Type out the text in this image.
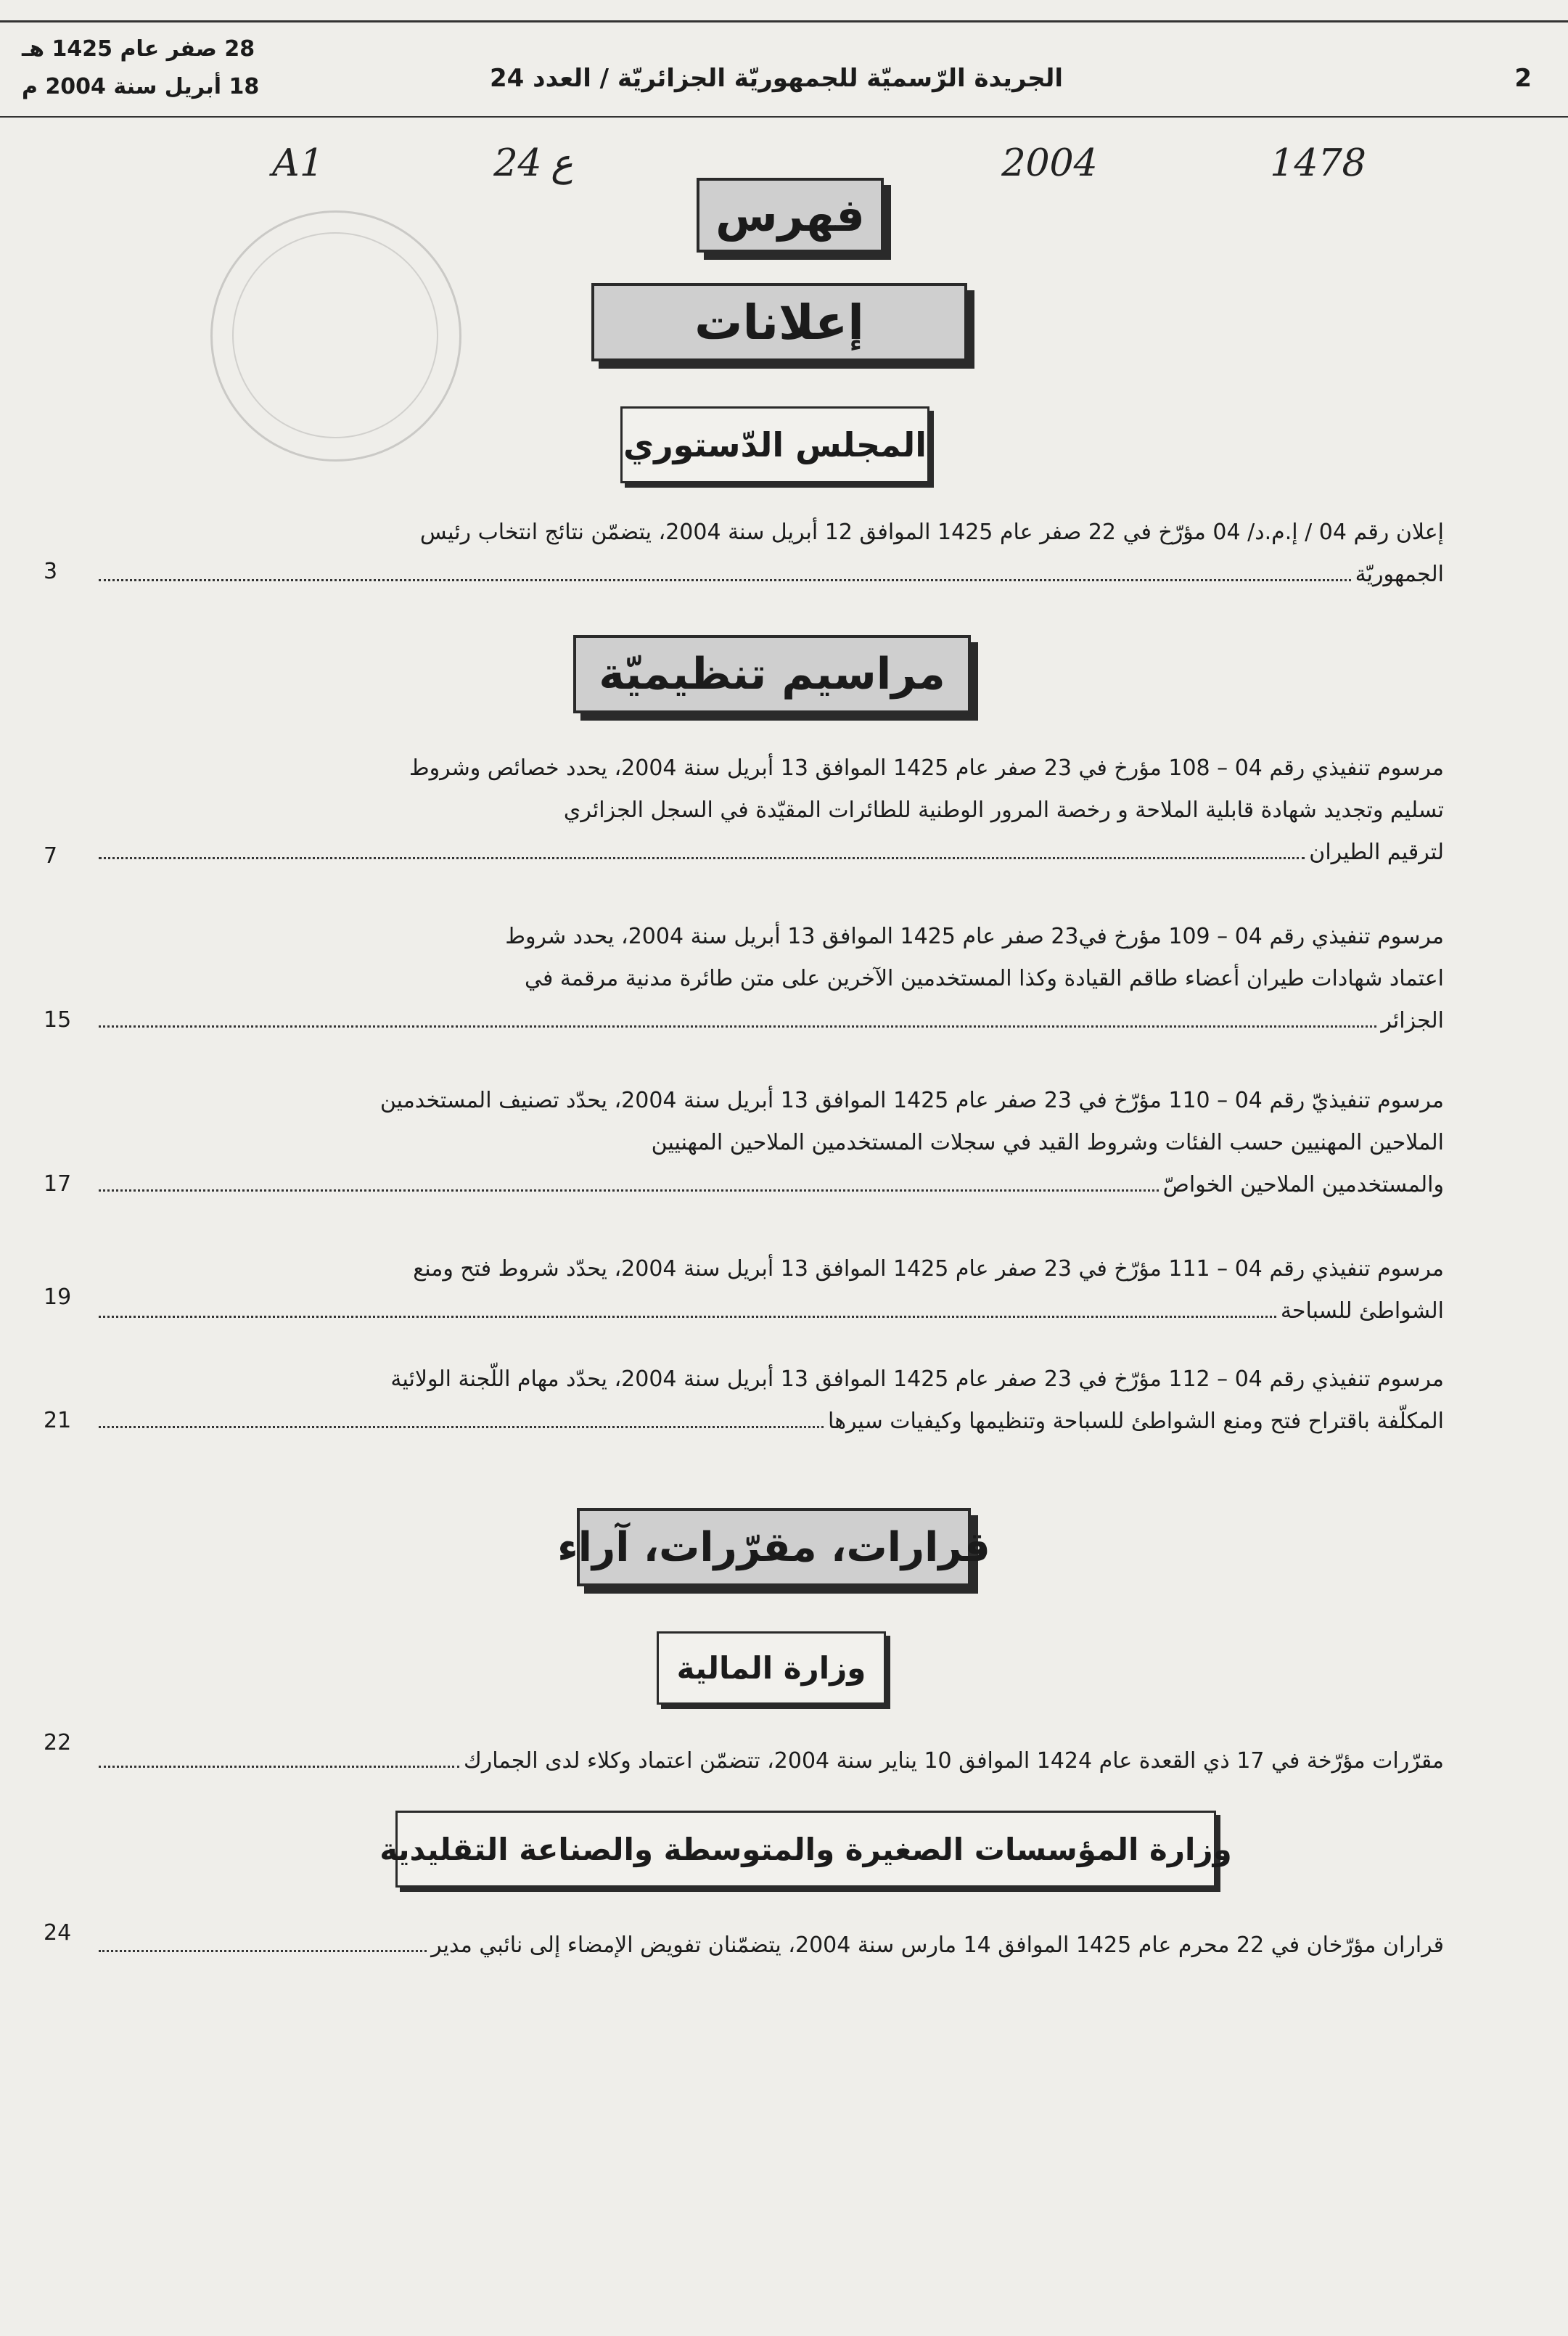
2
الجريدة الرّسميّة للجمهوريّة الجزائريّة / العدد 24
28 صفر عام 1425 هـ
18 أبريل سنة 2004 م
A1	24 ع	2004	1478
فهرس
إعلانات
المجلس الدّستوري
إعلان رقم 04 / إ.م.د/ 04 مؤرّخ في 22 صفر عام 1425 الموافق 12 أبريل سنة 2004، يتضمّن نتائج انتخاب رئيس
الجمهوريّة
3
مراسيم تنظيميّة
مرسوم تنفيذي رقم 04 – 108 مؤرخ في 23 صفر عام 1425 الموافق 13 أبريل سنة 2004، يحدد خصائص وشروط
تسليم وتجديد شهادة قابلية الملاحة و رخصة المرور الوطنية للطائرات المقيّدة في السجل الجزائري
لترقيم الطيران
7
مرسوم تنفيذي رقم 04 – 109 مؤرخ في23 صفر عام 1425 الموافق 13 أبريل سنة 2004، يحدد شروط
اعتماد شهادات طيران أعضاء طاقم القيادة وكذا المستخدمين الآخرين على متن طائرة مدنية مرقمة في
الجزائر
15
مرسوم تنفيذيّ رقم 04 – 110 مؤرّخ في 23 صفر عام 1425 الموافق 13 أبريل سنة 2004، يحدّد تصنيف المستخدمين
الملاحين المهنيين حسب الفئات وشروط القيد في سجلات المستخدمين الملاحين المهنيين
والمستخدمين الملاحين الخواصّ
17
مرسوم تنفيذي رقم 04 – 111 مؤرّخ في 23 صفر عام 1425 الموافق 13 أبريل سنة 2004، يحدّد شروط فتح ومنع
الشواطئ للسباحة
19
مرسوم تنفيذي رقم 04 – 112 مؤرّخ في 23 صفر عام 1425 الموافق 13 أبريل سنة 2004، يحدّد مهام اللّجنة الولائية
المكلّفة باقتراح فتح ومنع الشواطئ للسباحة وتنظيمها وكيفيات سيرها
21
قرارات، مقرّرات، آراء
وزارة المالية
مقرّرات مؤرّخة في 17 ذي القعدة عام 1424 الموافق 10 يناير سنة 2004، تتضمّن اعتماد وكلاء لدى الجمارك
22
وزارة المؤسسات الصغيرة والمتوسطة والصناعة التقليدية
قراران مؤرّخان في 22 محرم عام 1425 الموافق 14 مارس سنة 2004، يتضمّنان تفويض الإمضاء إلى نائبي مدير
24
